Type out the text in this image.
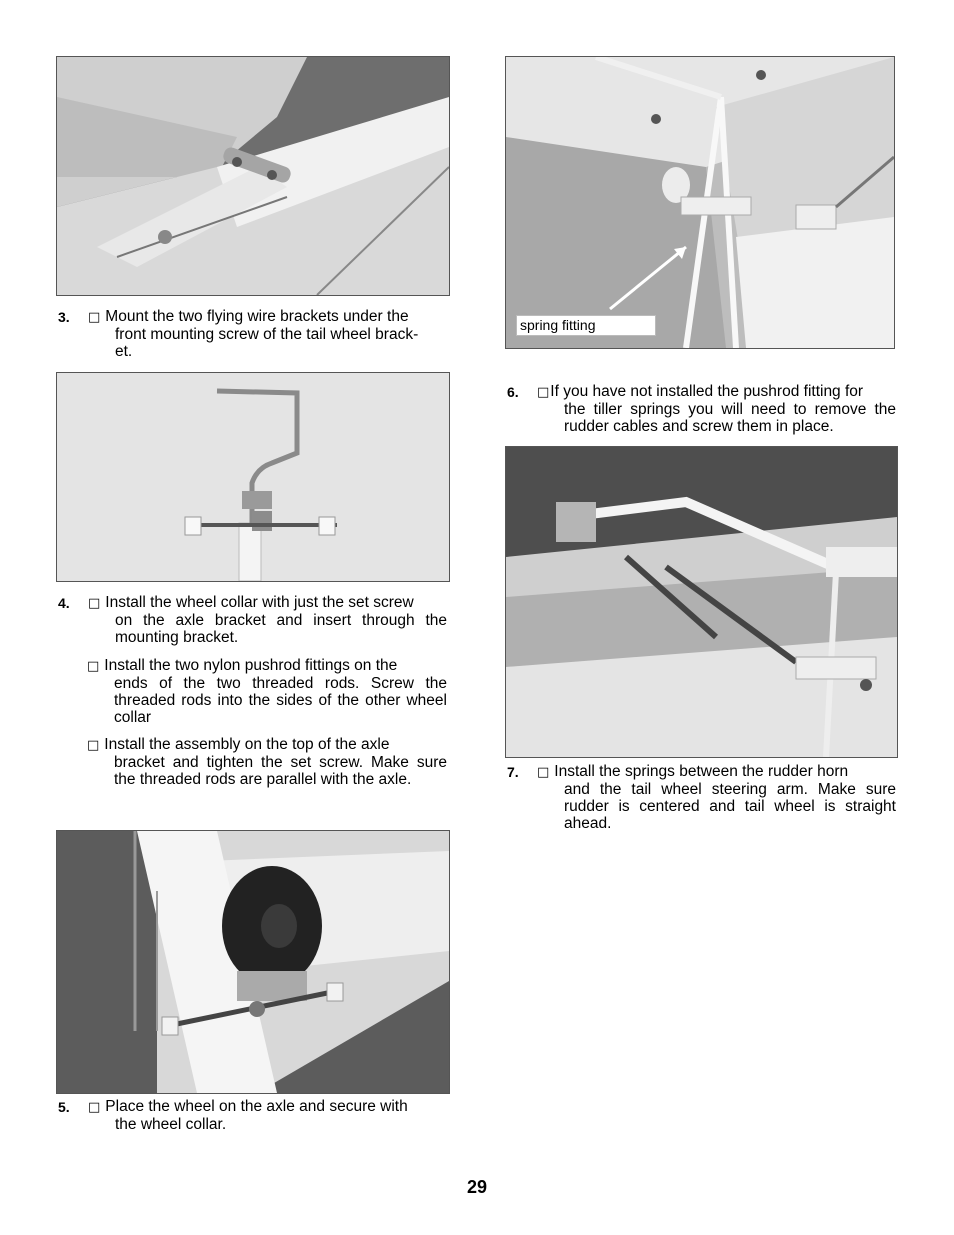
3. □ Mount the two flying wire brackets under the
front mounting screw of the tail wheel brack-
et.
4. □ Install the wheel collar with just the set screw
on the axle bracket and insert through the mounting bracket.
□ Install the two nylon pushrod fittings on the
ends of the two threaded rods. Screw the threaded rods into the sides of the other wheel collar
□ Install the assembly on the top of the axle
bracket and tighten the set screw. Make sure the threaded rods are parallel with the axle.
5. □ Place the wheel on the axle and secure with
the wheel collar.
spring fitting
6. □If you have not installed the pushrod fitting for
the tiller springs you will need to remove the rudder cables and screw them in place.
7. □ Install the springs between the rudder horn
and the tail wheel steering arm. Make sure rudder is centered and tail wheel is straight ahead.
29
